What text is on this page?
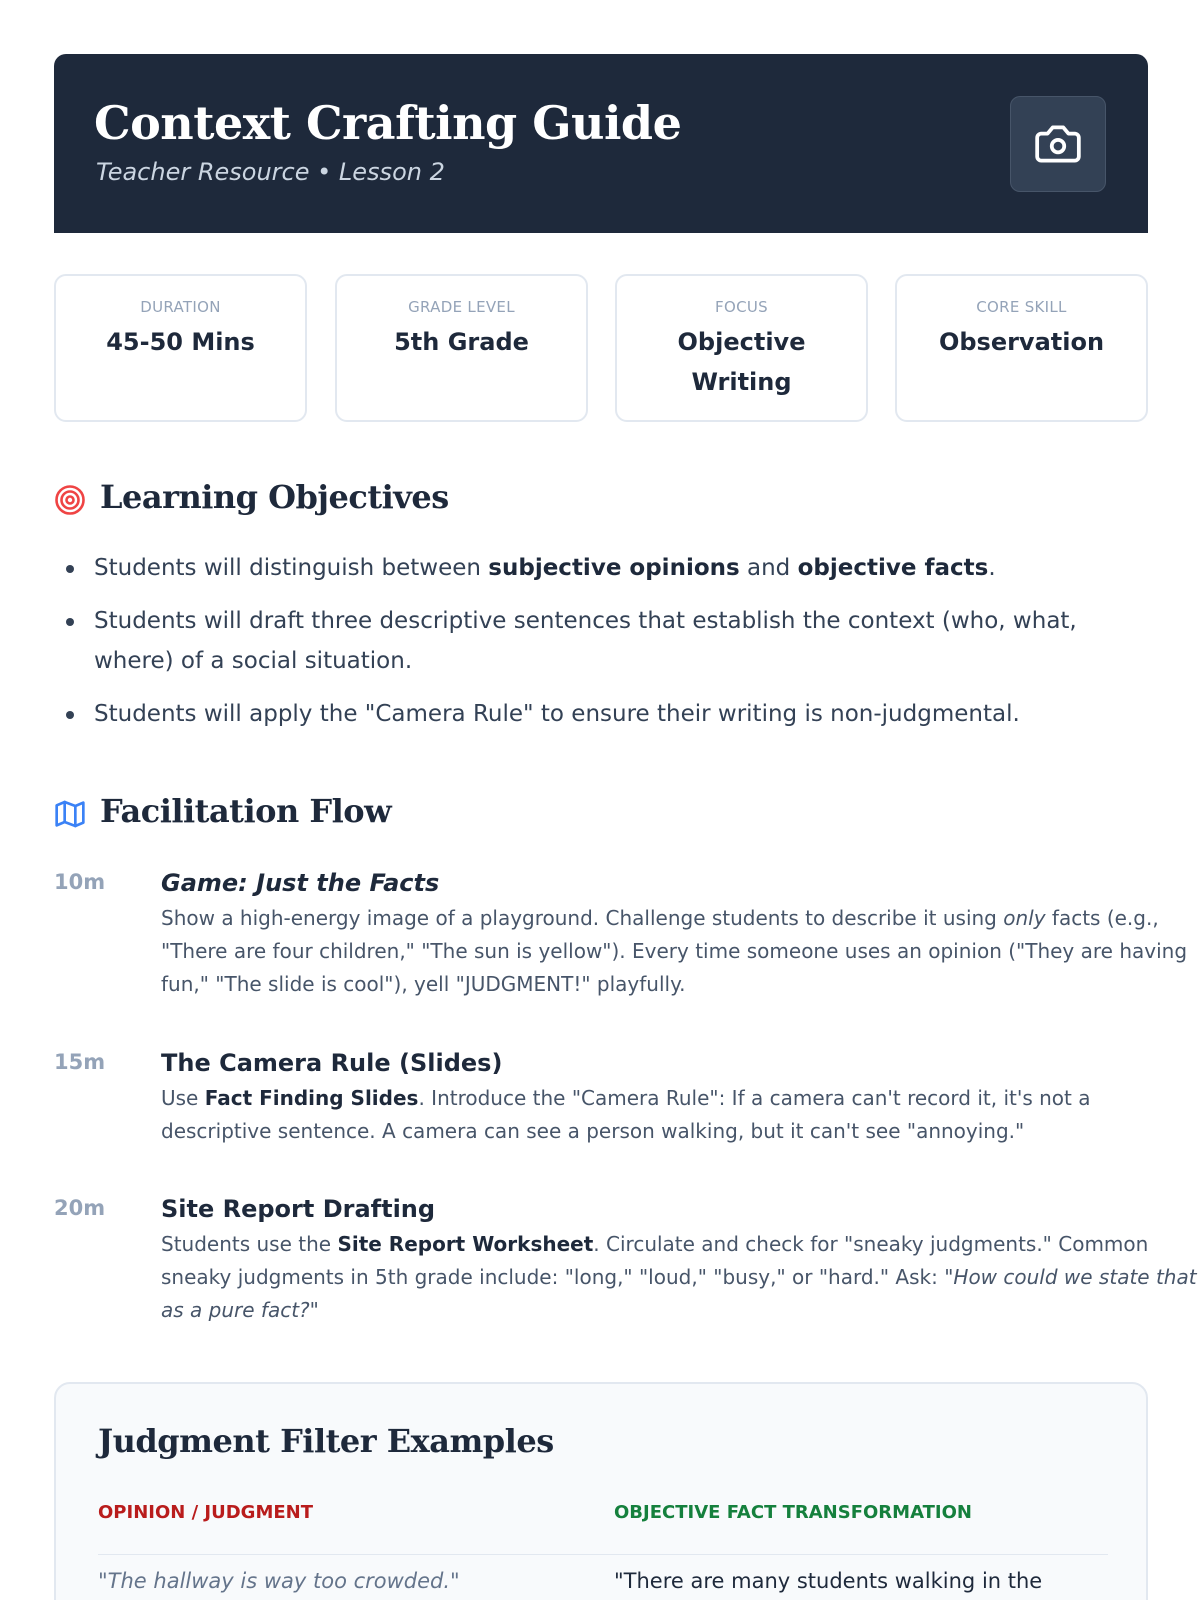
Context Crafting Guide
Teacher Resource • Lesson 2
DURATION
45-50 Mins
GRADE LEVEL
5th Grade
FOCUS
Objective Writing
CORE SKILL
Observation
Learning Objectives
Students will distinguish between subjective opinions and objective facts.
Students will draft three descriptive sentences that establish the context (who, what, where) of a social situation.
Students will apply the "Camera Rule" to ensure their writing is non-judgmental.
Facilitation Flow
10m Game: Just the Facts
Show a high-energy image of a playground. Challenge students to describe it using only facts (e.g., "There are four children," "The sun is yellow"). Every time someone uses an opinion ("They are having fun," "The slide is cool"), yell "JUDGMENT!" playfully.
15m The Camera Rule (Slides)
Use Fact Finding Slides. Introduce the "Camera Rule": If a camera can't record it, it's not a descriptive sentence. A camera can see a person walking, but it can't see "annoying."
20m Site Report Drafting
Students use the Site Report Worksheet. Circulate and check for "sneaky judgments." Common sneaky judgments in 5th grade include: "long," "loud," "busy," or "hard." Ask: "How could we state that as a pure fact?"
Judgment Filter Examples
OPINION / JUDGMENT	OBJECTIVE FACT TRANSFORMATION
"The hallway is way too crowded."	"There are many students walking in the
